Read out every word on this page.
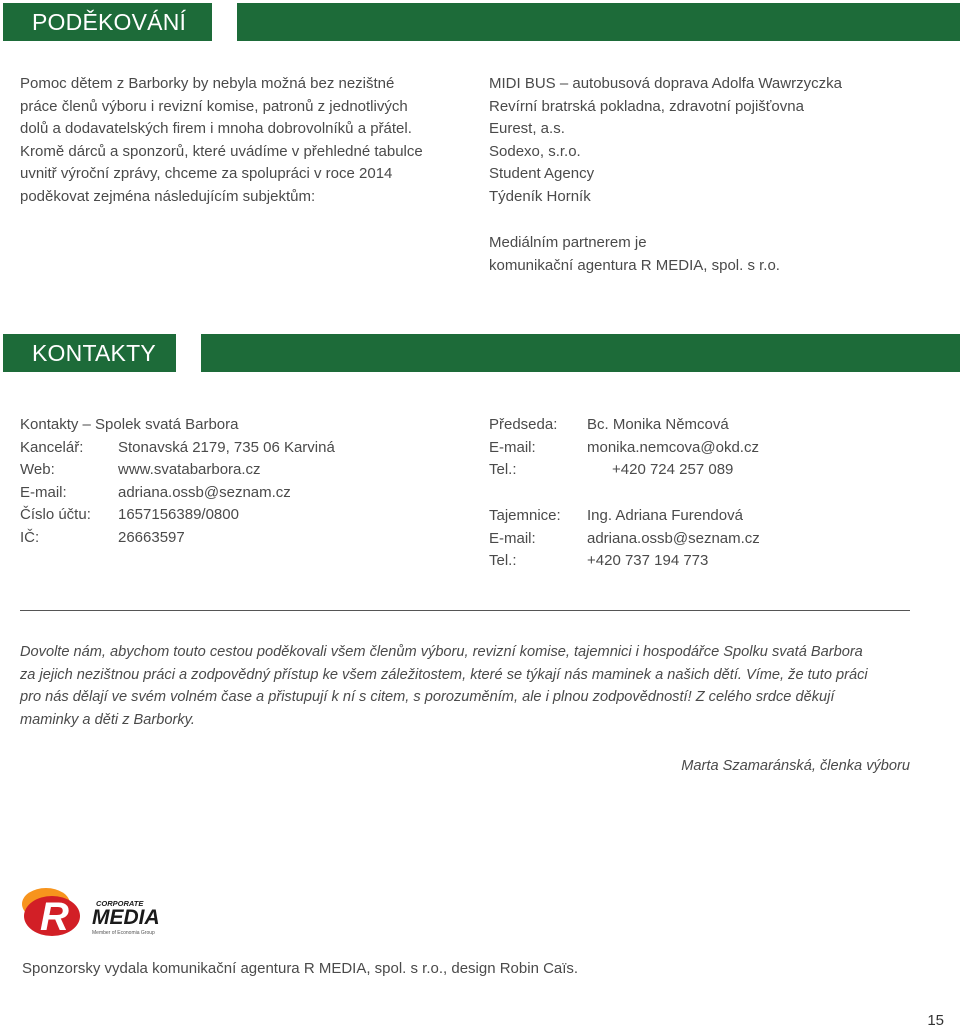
PODĚKOVÁNÍ
Pomoc dětem z Barborky by nebyla možná bez nezištné
práce členů výboru i revizní komise, patronů z jednotlivých
dolů a dodavatelských firem i mnoha dobrovolníků a přátel.
Kromě dárců a sponzorů, které uvádíme v přehledné tabulce
uvnitř výroční zprávy, chceme za spolupráci v roce 2014
poděkovat zejména následujícím subjektům:
MIDI BUS – autobusová doprava Adolfa Wawrzyczka
Revírní bratrská pokladna, zdravotní pojišťovna
Eurest, a.s.
Sodexo, s.r.o.
Student Agency
Týdeník Horník
Mediálním partnerem je
komunikační agentura R MEDIA, spol. s r.o.
KONTAKTY
Kontakty – Spolek svatá Barbora
Kancelář:	Stonavská 2179, 735 06 Karviná
Web:	www.svatabarbora.cz
E-mail:	adriana.ossb@seznam.cz
Číslo účtu:	1657156389/0800
IČ:	26663597
Předseda:	Bc. Monika Němcová
E-mail:	monika.nemcova@okd.cz
Tel.:	+420 724 257 089
Tajemnice:	Ing. Adriana Furendová
E-mail:	adriana.ossb@seznam.cz
Tel.:	+420 737 194 773
Dovolte nám, abychom touto cestou poděkovali všem členům výboru, revizní komise, tajemnici i hospodářce Spolku svatá Barbora
za jejich nezištnou práci a zodpovědný přístup ke všem záležitostem, které se týkají nás maminek a našich dětí. Víme, že tuto práci
pro nás dělají ve svém volném čase a přistupují k ní s citem, s porozuměním, ale i plnou zodpovědností! Z celého srdce děkují
maminky a děti z Barborky.
Marta Szamaránská, členka výboru
R	CORPORATE
MEDIA
Member of Economia Group
Sponzorsky vydala komunikační agentura R MEDIA, spol. s r.o., design Robin Caïs.
15
